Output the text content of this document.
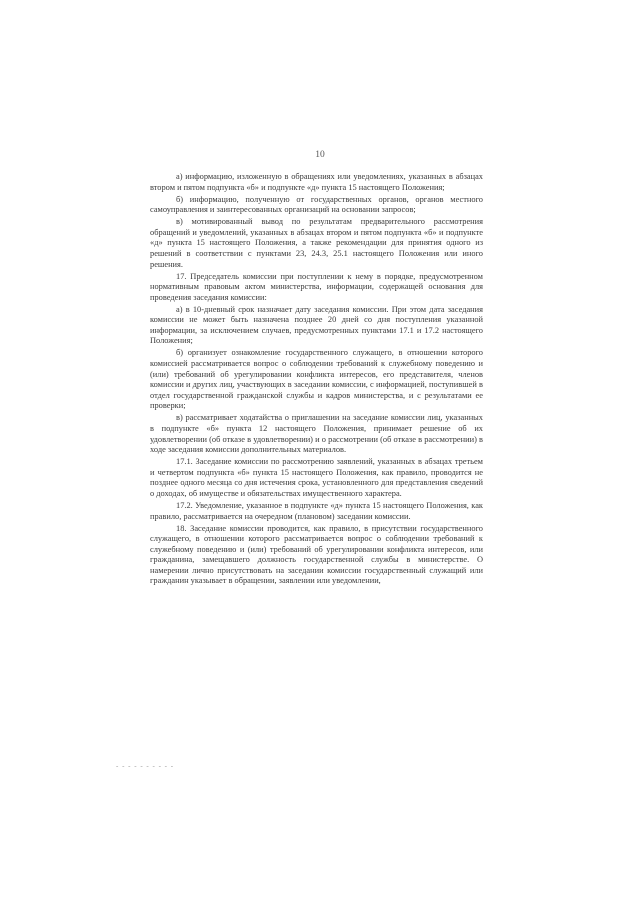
10

а) информацию, изложенную в обращениях или уведомлениях, указанных в абзацах втором и пятом подпункта «б» и подпункте «д» пункта 15 настоящего Положения;

б) информацию, полученную от государственных органов, органов местного самоуправления и заинтересованных организаций на основании запросов;

в) мотивированный вывод по результатам предварительного рассмотрения обращений и уведомлений, указанных в абзацах втором и пятом подпункта «б» и подпункте «д» пункта 15 настоящего Положения, а также рекомендации для принятия одного из решений в соответствии с пунктами 23, 24.3, 25.1 настоящего Положения или иного решения.

17. Председатель комиссии при поступлении к нему в порядке, предусмотренном нормативным правовым актом министерства, информации, содержащей основания для проведения заседания комиссии:

а) в 10-дневный срок назначает дату заседания комиссии. При этом дата заседания комиссии не может быть назначена позднее 20 дней со дня поступления указанной информации, за исключением случаев, предусмотренных пунктами 17.1 и 17.2 настоящего Положения;

б) организует ознакомление государственного служащего, в отношении которого комиссией рассматривается вопрос о соблюдении требований к служебному поведению и (или) требований об урегулировании конфликта интересов, его представителя, членов комиссии и других лиц, участвующих в заседании комиссии, с информацией, поступившей в отдел государственной гражданской службы и кадров министерства, и с результатами ее проверки;

в) рассматривает ходатайства о приглашении на заседание комиссии лиц, указанных в подпункте «б» пункта 12 настоящего Положения, принимает решение об их удовлетворении (об отказе в удовлетворении) и о рассмотрении (об отказе в рассмотрении) в ходе заседания комиссии дополнительных материалов.

17.1. Заседание комиссии по рассмотрению заявлений, указанных в абзацах третьем и четвертом подпункта «б» пункта 15 настоящего Положения, как правило, проводится не позднее одного месяца со дня истечения срока, установленного для представления сведений о доходах, об имуществе и обязательствах имущественного характера.

17.2. Уведомление, указанное в подпункте «д» пункта 15 настоящего Положения, как правило, рассматривается на очередном (плановом) заседании комиссии.

18. Заседание комиссии проводится, как правило, в присутствии государственного служащего, в отношении которого рассматривается вопрос о соблюдении требований к служебному поведению и (или) требований об урегулировании конфликта интересов, или гражданина, замещавшего должность государственной службы в министерстве. О намерении лично присутствовать на заседании комиссии государственный служащий или гражданин указывает в обращении, заявлении или уведомлении,

- - - - - - - - - -
